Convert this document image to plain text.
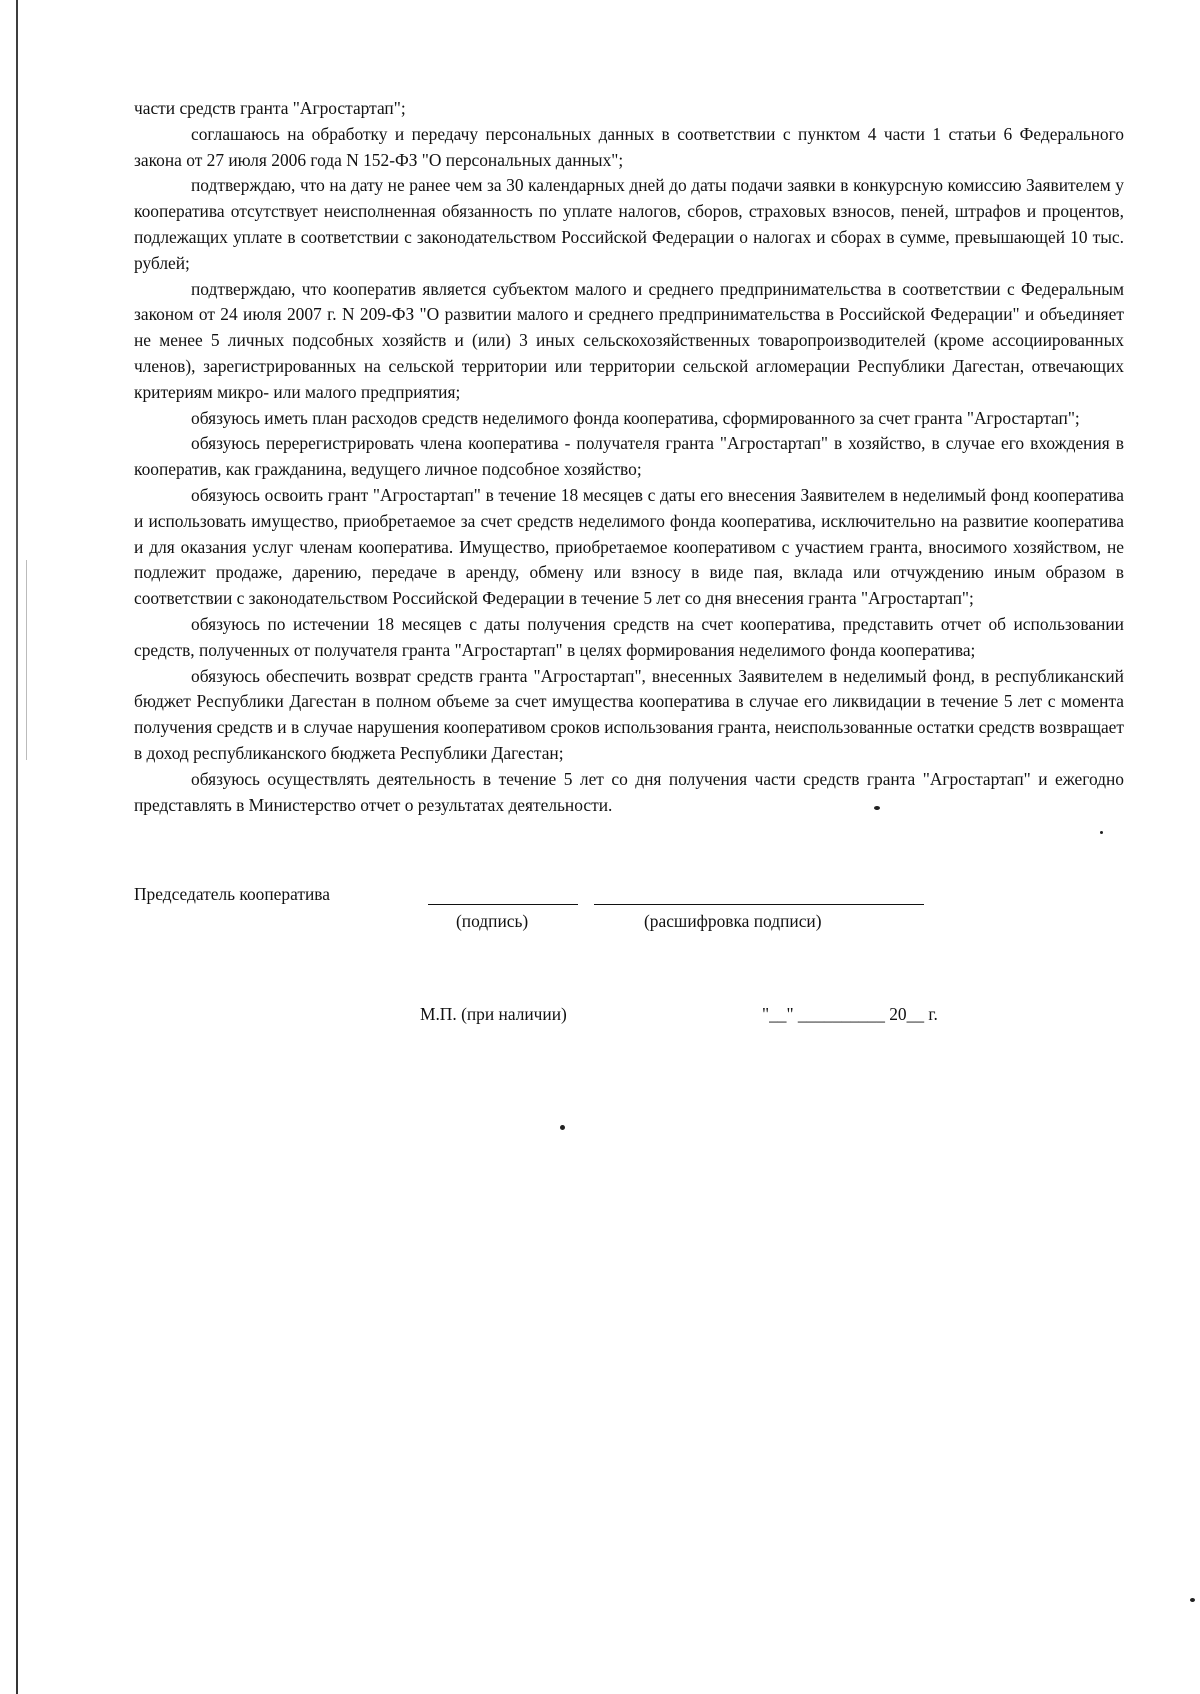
части средств гранта "Агростартап";

соглашаюсь на обработку и передачу персональных данных в соответствии с пунктом 4 части 1 статьи 6 Федерального закона от 27 июля 2006 года N 152-ФЗ "О персональных данных";

подтверждаю, что на дату не ранее чем за 30 календарных дней до даты подачи заявки в конкурсную комиссию Заявителем у кооператива отсутствует неисполненная обязанность по уплате налогов, сборов, страховых взносов, пеней, штрафов и процентов, подлежащих уплате в соответствии с законодательством Российской Федерации о налогах и сборах в сумме, превышающей 10 тыс. рублей;

подтверждаю, что кооператив является субъектом малого и среднего предпринимательства в соответствии с Федеральным законом от 24 июля 2007 г. N 209-ФЗ "О развитии малого и среднего предпринимательства в Российской Федерации" и объединяет не менее 5 личных подсобных хозяйств и (или) 3 иных сельскохозяйственных товаропроизводителей (кроме ассоциированных членов), зарегистрированных на сельской территории или территории сельской агломерации Республики Дагестан, отвечающих критериям микро- или малого предприятия;

обязуюсь иметь план расходов средств неделимого фонда кооператива, сформированного за счет гранта "Агростартап";

обязуюсь перерегистрировать члена кооператива - получателя гранта "Агростартап" в хозяйство, в случае его вхождения в кооператив, как гражданина, ведущего личное подсобное хозяйство;

обязуюсь освоить грант "Агростартап" в течение 18 месяцев с даты его внесения Заявителем в неделимый фонд кооператива и использовать имущество, приобретаемое за счет средств неделимого фонда кооператива, исключительно на развитие кооператива и для оказания услуг членам кооператива. Имущество, приобретаемое кооперативом с участием гранта, вносимого хозяйством, не подлежит продаже, дарению, передаче в аренду, обмену или взносу в виде пая, вклада или отчуждению иным образом в соответствии с законодательством Российской Федерации в течение 5 лет со дня внесения гранта "Агростартап";

обязуюсь по истечении 18 месяцев с даты получения средств на счет кооператива, представить отчет об использовании средств, полученных от получателя гранта "Агростартап" в целях формирования неделимого фонда кооператива;

обязуюсь обеспечить возврат средств гранта "Агростартап", внесенных Заявителем в неделимый фонд, в республиканский бюджет Республики Дагестан в полном объеме за счет имущества кооператива в случае его ликвидации в течение 5 лет с момента получения средств и в случае нарушения кооперативом сроков использования гранта, неиспользованные остатки средств возвращает в доход республиканского бюджета Республики Дагестан;

обязуюсь осуществлять деятельность в течение 5 лет со дня получения части средств гранта "Агростартап" и ежегодно представлять в Министерство отчет о результатах деятельности.

Председатель кооператива
(подпись)	(расшифровка подписи)
М.П. (при наличии)	"__" __________ 20__ г.
